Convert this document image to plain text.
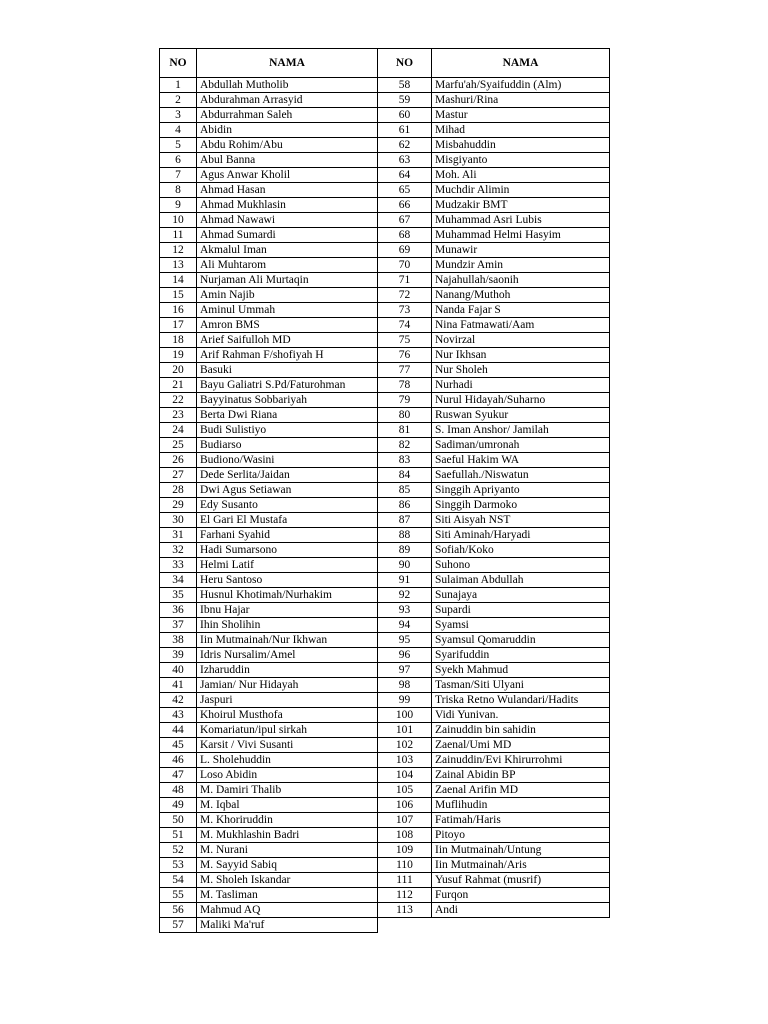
NO	NAMA	NO	NAMA
1	Abdullah Mutholib	58	Marfu'ah/Syaifuddin (Alm)
2	Abdurahman Arrasyid	59	Mashuri/Rina
3	Abdurrahman Saleh	60	Mastur
4	Abidin	61	Mihad
5	Abdu Rohim/Abu	62	Misbahuddin
6	Abul Banna	63	Misgiyanto
7	Agus Anwar Kholil	64	Moh. Ali
8	Ahmad Hasan	65	Muchdir Alimin
9	Ahmad Mukhlasin	66	Mudzakir BMT
10	Ahmad Nawawi	67	Muhammad Asri Lubis
11	Ahmad Sumardi	68	Muhammad Helmi Hasyim
12	Akmalul Iman	69	Munawir
13	Ali Muhtarom	70	Mundzir Amin
14	Nurjaman Ali Murtaqin	71	Najahullah/saonih
15	Amin Najib	72	Nanang/Muthoh
16	Aminul Ummah	73	Nanda Fajar S
17	Amron BMS	74	Nina Fatmawati/Aam
18	Arief Saifulloh MD	75	Novirzal
19	Arif Rahman F/shofiyah H	76	Nur Ikhsan
20	Basuki	77	Nur Sholeh
21	Bayu Galiatri S.Pd/Faturohman	78	Nurhadi
22	Bayyinatus Sobbariyah	79	Nurul Hidayah/Suharno
23	Berta Dwi Riana	80	Ruswan Syukur
24	Budi Sulistiyo	81	S. Iman Anshor/ Jamilah
25	Budiarso	82	Sadiman/umronah
26	Budiono/Wasini	83	Saeful Hakim WA
27	Dede Serlita/Jaidan	84	Saefullah./Niswatun
28	Dwi Agus Setiawan	85	Singgih Apriyanto
29	Edy Susanto	86	Singgih Darmoko
30	El Gari El Mustafa	87	Siti Aisyah NST
31	Farhani Syahid	88	Siti Aminah/Haryadi
32	Hadi Sumarsono	89	Sofiah/Koko
33	Helmi Latif	90	Suhono
34	Heru Santoso	91	Sulaiman Abdullah
35	Husnul Khotimah/Nurhakim	92	Sunajaya
36	Ibnu Hajar	93	Supardi
37	Ihin Sholihin	94	Syamsi
38	Iin Mutmainah/Nur Ikhwan	95	Syamsul Qomaruddin
39	Idris Nursalim/Amel	96	Syarifuddin
40	Izharuddin	97	Syekh Mahmud
41	Jamian/ Nur Hidayah	98	Tasman/Siti Ulyani
42	Jaspuri	99	Triska Retno Wulandari/Hadits
43	Khoirul Musthofa	100	Vidi Yunivan.
44	Komariatun/ipul sirkah	101	Zainuddin bin sahidin
45	Karsit / Vivi Susanti	102	Zaenal/Umi MD
46	L. Sholehuddin	103	Zainuddin/Evi Khirurrohmi
47	Loso Abidin	104	Zainal Abidin BP
48	M. Damiri Thalib	105	Zaenal Arifin MD
49	M. Iqbal	106	Muflihudin
50	M. Khoriruddin	107	Fatimah/Haris
51	M. Mukhlashin Badri	108	Pitoyo
52	M. Nurani	109	Iin Mutmainah/Untung
53	M. Sayyid Sabiq	110	Iin Mutmainah/Aris
54	M. Sholeh Iskandar	111	Yusuf Rahmat (musrif)
55	M. Tasliman	112	Furqon
56	Mahmud AQ	113	Andi
57	Maliki Ma'ruf		
